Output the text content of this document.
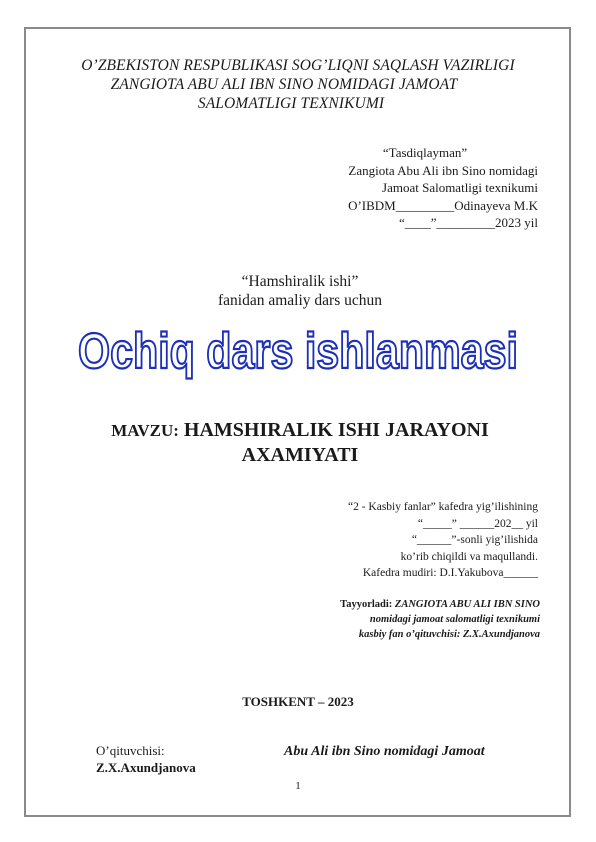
O’ZBEKISTON RESPUBLIKASI SOG’LIQNI SAQLASH VAZIRLIGI
ZANGIOTA ABU ALI IBN SINO NOMIDAGI JAMOAT
SALOMATLIGI TEXNIKUMI
“Tasdiqlayman”
Zangiota Abu Ali ibn Sino nomidagi
Jamoat Salomatligi texnikumi
O’IBDM_________Odinayeva M.K
“____”_________2023 yil
“Hamshiralik ishi”
fanidan amaliy dars uchun
Ochiq dars ishlanmasi
MAVZU: HAMSHIRALIK ISHI JARAYONI
AXAMIYATI
“2 - Kasbiy fanlar” kafedra yig’ilishining
“_____” ______202__ yil
“______”-sonli yig’ilishida
ko’rib chiqildi va maqullandi.
Kafedra mudiri: D.I.Yakubova______
Tayyorladi: ZANGIOTA ABU ALI IBN SINO
nomidagi jamoat salomatligi texnikumi
kasbiy fan o’qituvchisi: Z.X.Axundjanova
TOSHKENT – 2023
O’qituvchisi:
Z.X.Axundjanova
Abu Ali ibn Sino nomidagi Jamoat
1
